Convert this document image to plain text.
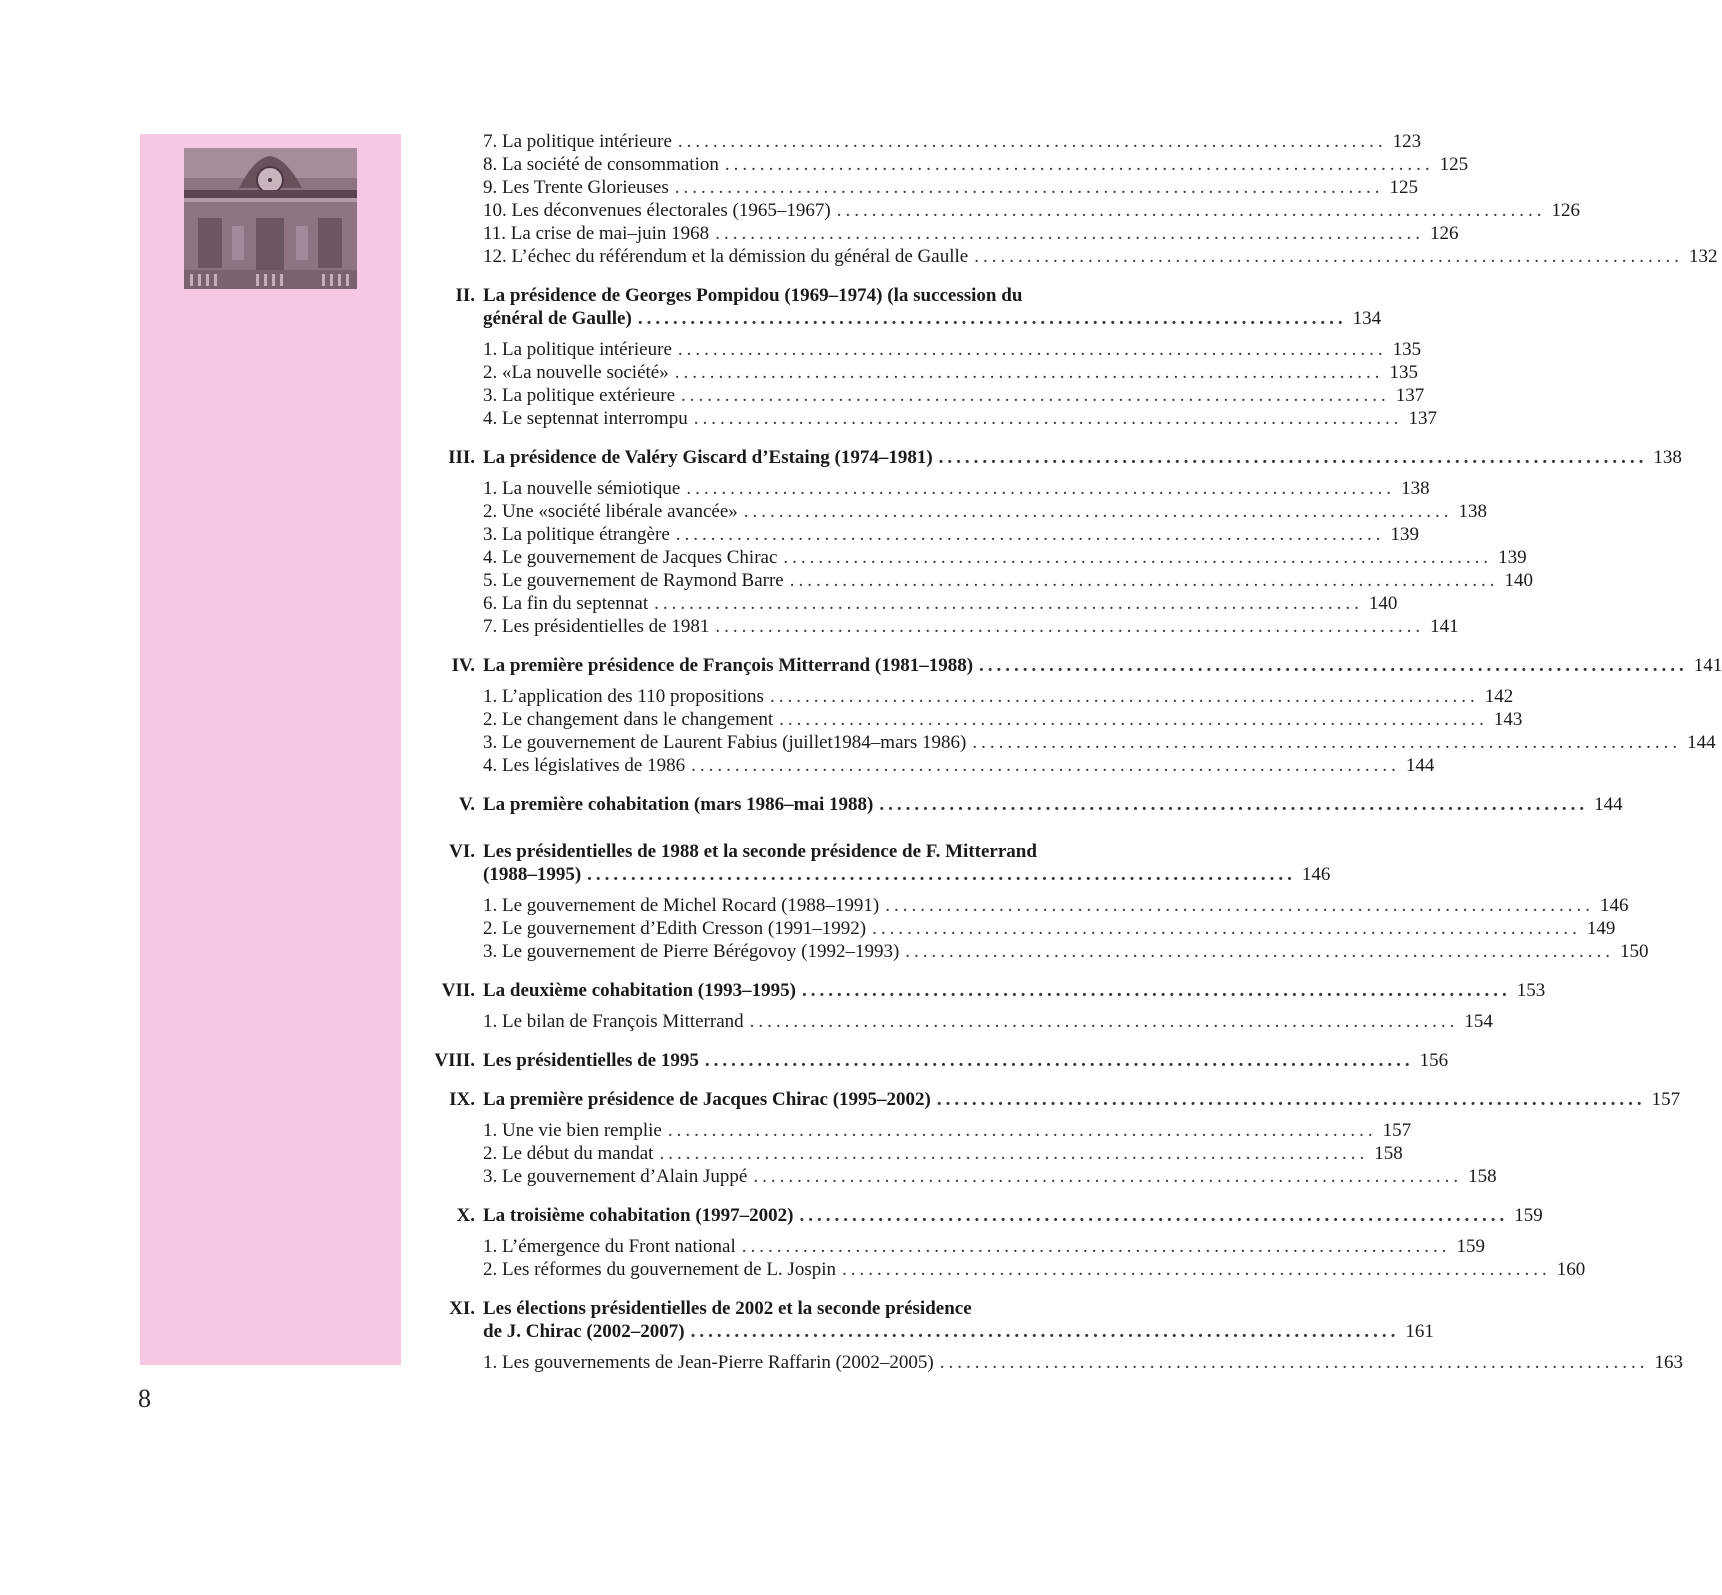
8
7. La politique intérieure ................................................................................. 123
8. La société de consommation ................................................................................. 125
9. Les Trente Glorieuses ................................................................................. 125
10. Les déconvenues électorales (1965–1967) ................................................................................. 126
11. La crise de mai–juin 1968 ................................................................................. 126
12. L’échec du référendum et la démission du général de Gaulle ................................................................................. 132
II. La présidence de Georges Pompidou (1969–1974) (la succession du
général de Gaulle) ................................................................................. 134
1. La politique intérieure ................................................................................. 135
2. «La nouvelle société» ................................................................................. 135
3. La politique extérieure ................................................................................. 137
4. Le septennat interrompu ................................................................................. 137
III. La présidence de Valéry Giscard d’Estaing (1974–1981) ................................................................................. 138
1. La nouvelle sémiotique ................................................................................. 138
2. Une «société libérale avancée» ................................................................................. 138
3. La politique étrangère ................................................................................. 139
4. Le gouvernement de Jacques Chirac ................................................................................. 139
5. Le gouvernement de Raymond Barre ................................................................................. 140
6. La fin du septennat ................................................................................. 140
7. Les présidentielles de 1981 ................................................................................. 141
IV. La première présidence de François Mitterrand (1981–1988) ................................................................................. 141
1. L’application des 110 propositions ................................................................................. 142
2. Le changement dans le changement ................................................................................. 143
3. Le gouvernement de Laurent Fabius (juillet1984–mars 1986) ................................................................................. 144
4. Les législatives de 1986 ................................................................................. 144
V. La première cohabitation (mars 1986–mai 1988) ................................................................................. 144
VI. Les présidentielles de 1988 et la seconde présidence de F. Mitterrand
(1988–1995) ................................................................................. 146
1. Le gouvernement de Michel Rocard (1988–1991) ................................................................................. 146
2. Le gouvernement d’Edith Cresson (1991–1992) ................................................................................. 149
3. Le gouvernement de Pierre Bérégovoy (1992–1993) ................................................................................. 150
VII. La deuxième cohabitation (1993–1995) ................................................................................. 153
1. Le bilan de François Mitterrand ................................................................................. 154
VIII. Les présidentielles de 1995 ................................................................................. 156
IX. La première présidence de Jacques Chirac (1995–2002) ................................................................................. 157
1. Une vie bien remplie ................................................................................. 157
2. Le début du mandat ................................................................................. 158
3. Le gouvernement d’Alain Juppé ................................................................................. 158
X. La troisième cohabitation (1997–2002) ................................................................................. 159
1. L’émergence du Front national ................................................................................. 159
2. Les réformes du gouvernement de L. Jospin ................................................................................. 160
XI. Les élections présidentielles de 2002 et la seconde présidence
de J. Chirac (2002–2007) ................................................................................. 161
1. Les gouvernements de Jean-Pierre Raffarin (2002–2005) ................................................................................. 163
